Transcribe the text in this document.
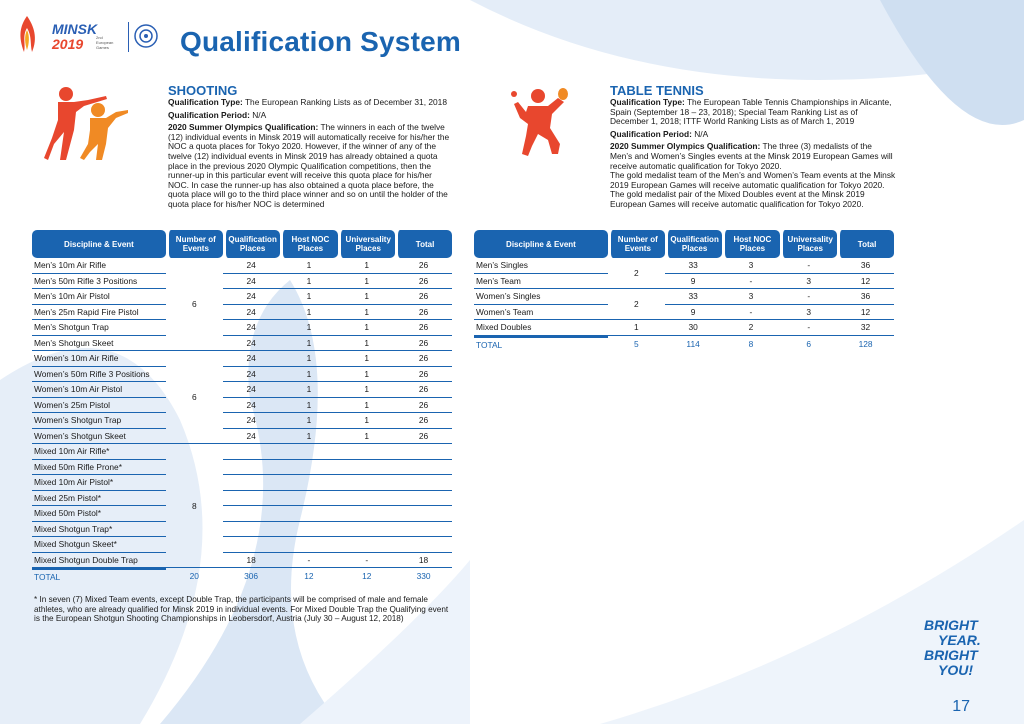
MINSK
2019	2nd European Games	Qualification System
SHOOTING

Qualification Type: The European Ranking Lists as of December 31, 2018

Qualification Period: N/A

2020 Summer Olympics Qualification: The winners in each of the twelve (12) individual events in Minsk 2019 will automatically receive for his/her the NOC a quota places for Tokyo 2020. However, if the winner of any of the twelve (12) individual events in Minsk 2019 has already obtained a quota place in the previous 2020 Olympic Qualification competitions, then the runner-up in this particular event will receive this quota place for his/her NOC. In case the runner-up has also obtained a quota place before, the quota place will go to the third place winner and so on until the holder of the quota place for his/her NOC is determined

Discipline & Event	Number of Events	Qualification Places	Host NOC Places	Universality Places	Total
Men’s 10m Air Rifle	6	24	1	1	26
Men’s 50m Rifle 3 Positions		24	1	1	26
Men’s 10m Air Pistol		24	1	1	26
Men’s 25m Rapid Fire Pistol		24	1	1	26
Men’s Shotgun Trap		24	1	1	26
Men’s Shotgun Skeet		24	1	1	26
Women’s 10m Air Rifle	6	24	1	1	26
Women’s 50m Rifle 3 Positions		24	1	1	26
Women’s 10m Air Pistol		24	1	1	26
Women’s 25m Pistol		24	1	1	26
Women’s Shotgun Trap		24	1	1	26
Women’s Shotgun Skeet		24	1	1	26
Mixed 10m Air Rifle*	8				
Mixed 50m Rifle Prone*					
Mixed 10m Air Pistol*					
Mixed 25m Pistol*					
Mixed 50m Pistol*					
Mixed Shotgun Trap*					
Mixed Shotgun Skeet*					
Mixed Shotgun Double Trap		18	-	-	18
TOTAL	20	306	12	12	330

* In seven (7) Mixed Team events, except Double Trap, the participants will be comprised of male and female athletes, who are already qualified for Minsk 2019 in individual events. For Mixed Double Trap the Qualifying event is the European Shotgun Shooting Championships in Leobersdorf, Austria (July 30 – August 12, 2018)

TABLE TENNIS

Qualification Type: The European Table Tennis Championships in Alicante, Spain (September 18 – 23, 2018); Special Team Ranking List as of December 1, 2018; ITTF World Ranking Lists as of March 1, 2019

Qualification Period: N/A

2020 Summer Olympics Qualification: The three (3) medalists of the Men’s and Women’s Singles events at the Minsk 2019 European Games will receive automatic qualification for Tokyo 2020.

The gold medalist team of the Men’s and Women’s Team events at the Minsk 2019 European Games will receive automatic qualification for Tokyo 2020.

The gold medalist pair of the Mixed Doubles event at the Minsk 2019 European Games will receive automatic qualification for Tokyo 2020.

Discipline & Event	Number of Events	Qualification Places	Host NOC Places	Universality Places	Total
Men’s Singles	2	33	3	-	36
Men’s Team		9	-	3	12
Women’s Singles	2	33	3	-	36
Women’s Team		9	-	3	12
Mixed Doubles	1	30	2	-	32
TOTAL	5	114	8	6	128
BRIGHT
YEAR.
BRIGHT
YOU!
17
